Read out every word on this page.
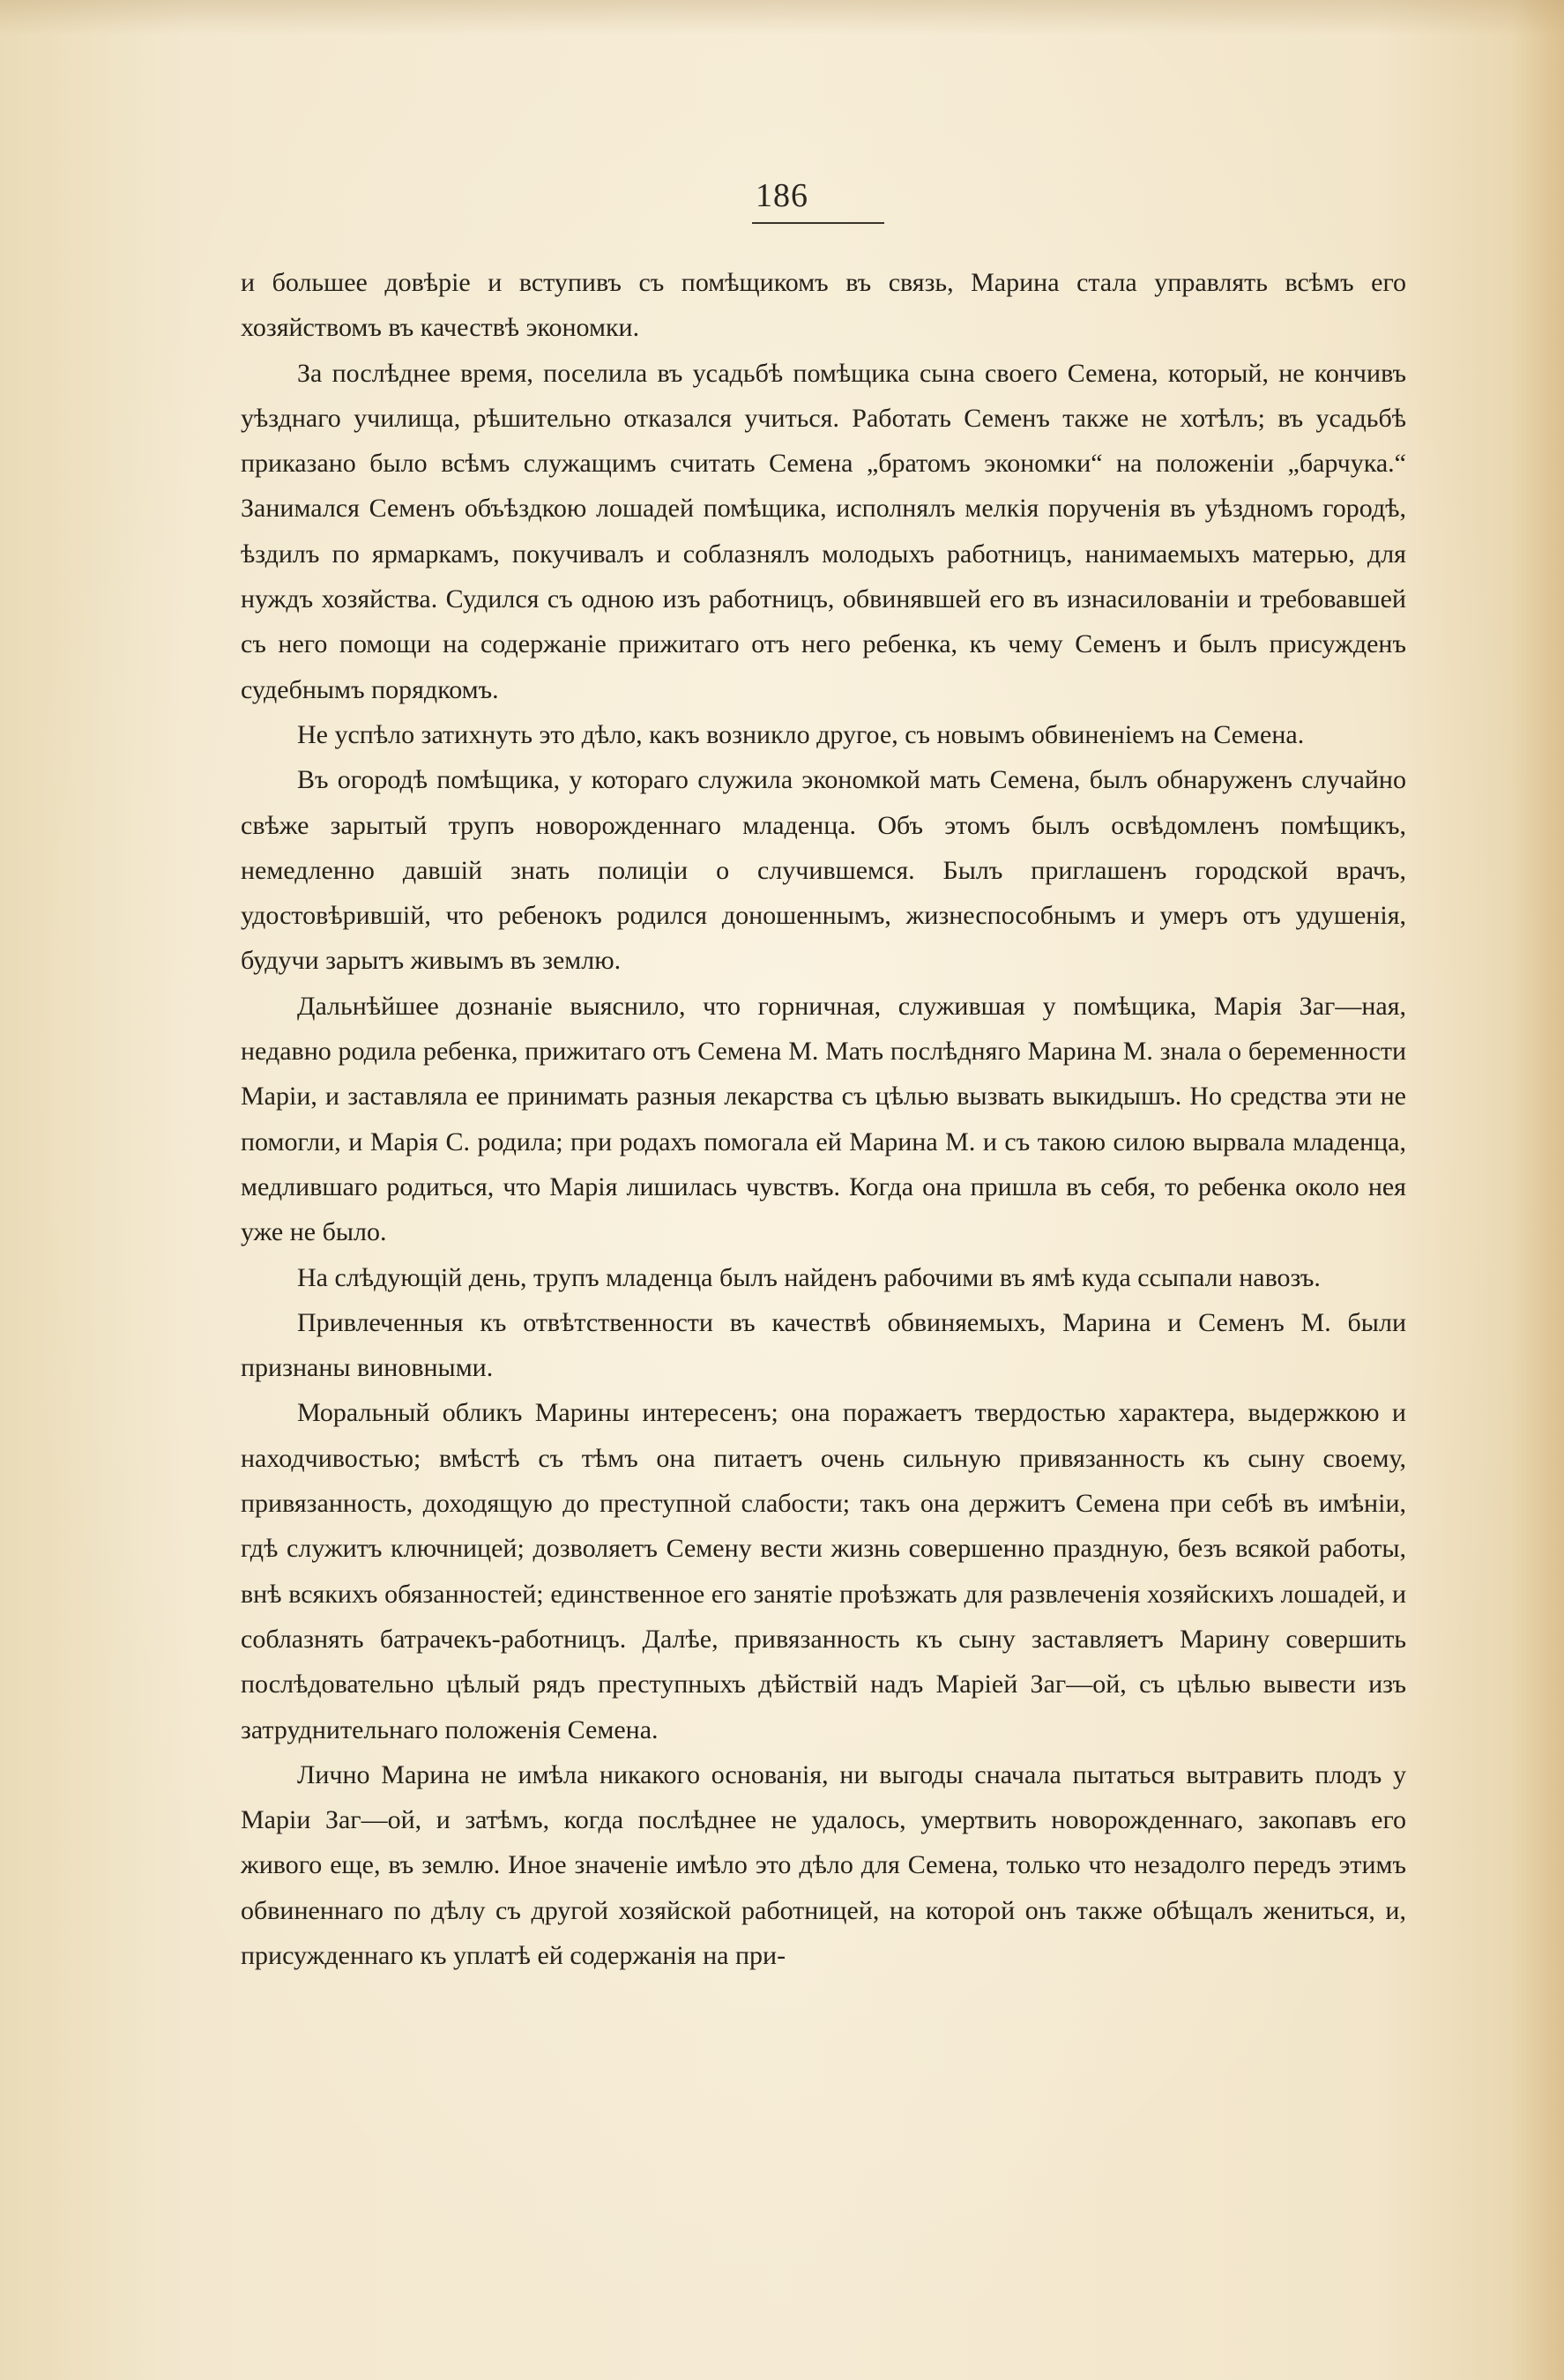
186

и большее довѣріе и вступивъ съ помѣщикомъ въ связь, Марина стала управлять всѣмъ его хозяйствомъ въ качествѣ экономки.

За послѣднее время, поселила въ усадьбѣ помѣщика сына своего Семена, который, не кончивъ уѣзднаго училища, рѣшительно отказался учиться. Работать Семенъ также не хотѣлъ; въ усадьбѣ приказано было всѣмъ служащимъ считать Семена „братомъ экономки“ на положеніи „барчука.“ Занимался Семенъ объѣздкою лошадей помѣщика, исполнялъ мелкія порученія въ уѣздномъ городѣ, ѣздилъ по ярмаркамъ, покучивалъ и соблазнялъ молодыхъ работницъ, нанимаемыхъ матерью, для нуждъ хозяйства. Судился съ одною изъ работницъ, обвинявшей его въ изнасилованіи и требовавшей съ него помощи на содержаніе прижитаго отъ него ребенка, къ чему Семенъ и былъ присужденъ судебнымъ порядкомъ.

Не успѣло затихнуть это дѣло, какъ возникло другое, съ новымъ обвиненіемъ на Семена.

Въ огородѣ помѣщика, у котораго служила экономкой мать Семена, былъ обнаруженъ случайно свѣже зарытый трупъ новорожденнаго младенца. Объ этомъ былъ освѣдомленъ помѣщикъ, немедленно давшій знать полиціи о случившемся. Былъ приглашенъ городской врачъ, удостовѣрившій, что ребенокъ родился доношеннымъ, жизнеспособнымъ и умеръ отъ удушенія, будучи зарытъ живымъ въ землю.

Дальнѣйшее дознаніе выяснило, что горничная, служившая у помѣщика, Марія Заг—ная, недавно родила ребенка, прижитаго отъ Семена М. Мать послѣдняго Марина М. знала о беременности Маріи, и заставляла ее принимать разныя лекарства съ цѣлью вызвать выкидышъ. Но средства эти не помогли, и Марія С. родила; при родахъ помогала ей Марина М. и съ такою силою вырвала младенца, медлившаго родиться, что Марія лишилась чувствъ. Когда она пришла въ себя, то ребенка около нея уже не было.

На слѣдующій день, трупъ младенца былъ найденъ рабочими въ ямѣ куда ссыпали навозъ.

Привлеченныя къ отвѣтственности въ качествѣ обвиняемыхъ, Марина и Семенъ М. были признаны виновными.

Моральный обликъ Марины интересенъ; она поражаетъ твердостью характера, выдержкою и находчивостью; вмѣстѣ съ тѣмъ она питаетъ очень сильную привязанность къ сыну своему, привязанность, доходящую до преступной слабости; такъ она держитъ Семена при себѣ въ имѣніи, гдѣ служитъ ключницей; дозволяетъ Семену вести жизнь совершенно праздную, безъ всякой работы, внѣ всякихъ обязанностей; единственное его занятіе проѣзжать для развлеченія хозяйскихъ лошадей, и соблазнять батрачекъ-работницъ. Далѣе, привязанность къ сыну заставляетъ Марину совершить послѣдовательно цѣлый рядъ преступныхъ дѣйствій надъ Маріей Заг—ой, съ цѣлью вывести изъ затруднительнаго положенія Семена.

Лично Марина не имѣла никакого основанія, ни выгоды сначала пытаться вытравить плодъ у Маріи Заг—ой, и затѣмъ, когда послѣднее не удалось, умертвить новорожденнаго, закопавъ его живого еще, въ землю. Иное значеніе имѣло это дѣло для Семена, только что незадолго передъ этимъ обвиненнаго по дѣлу съ другой хозяйской работницей, на которой онъ также обѣщалъ жениться, и, присужденнаго къ уплатѣ ей содержанія на при-
